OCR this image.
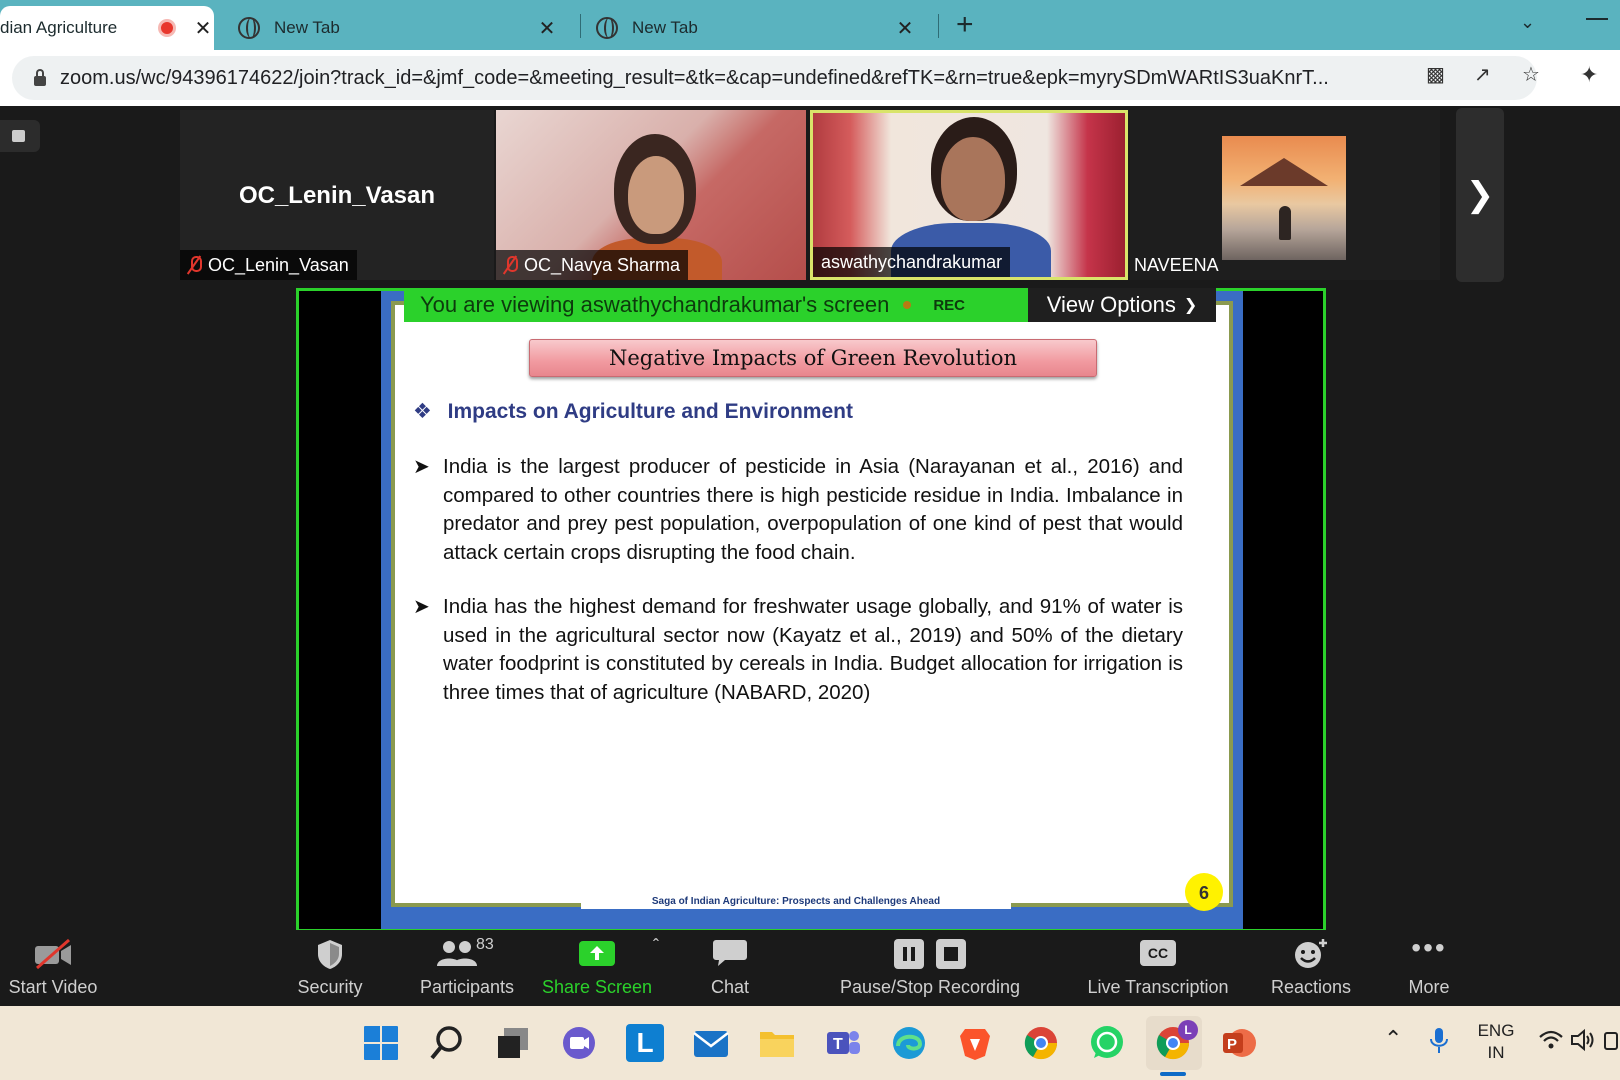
dian Agriculture	✕	New Tab	✕	New Tab	✕ +	⌄
zoom.us/wc/94396174622/join?track_id=&jmf_code=&meeting_result=&tk=&cap=undefined&refTK=&rn=true&epk=myrySDmWARtIS3uaKnrT...	▩ ↗ ☆ ✦
OC_Lenin_Vasan
OC_Lenin_Vasan	OC_Navya Sharma	aswathychandrakumar	NAVEENA
❯
Negative Impacts of Green Revolution
❖ Impacts on Agriculture and Environment
➤ India is the largest producer of pesticide in Asia (Narayanan et al., 2016) and compared to other countries there is high pesticide residue in India. Imbalance in predator and prey pest population, overpopulation of one kind of pest that would attack certain crops disrupting the food chain.
➤ India has the highest demand for freshwater usage globally, and 91% of water is used in the agricultural sector now (Kayatz et al., 2019) and 50% of the dietary water foodprint is constituted by cereals in India. Budget allocation for irrigation is three times that of agriculture (NABARD, 2020)
Saga of Indian Agriculture: Prospects and Challenges Ahead	6
You are viewing aswathychandrakumar's screen	REC	View Options ❯
Start Video	Security
83
Participants Share Screen
ˆ
Chat	Pause/Stop Recording
CC
Live Transcription Reactions
•••
More
L	T
L
P	⌃	ENG
IN
